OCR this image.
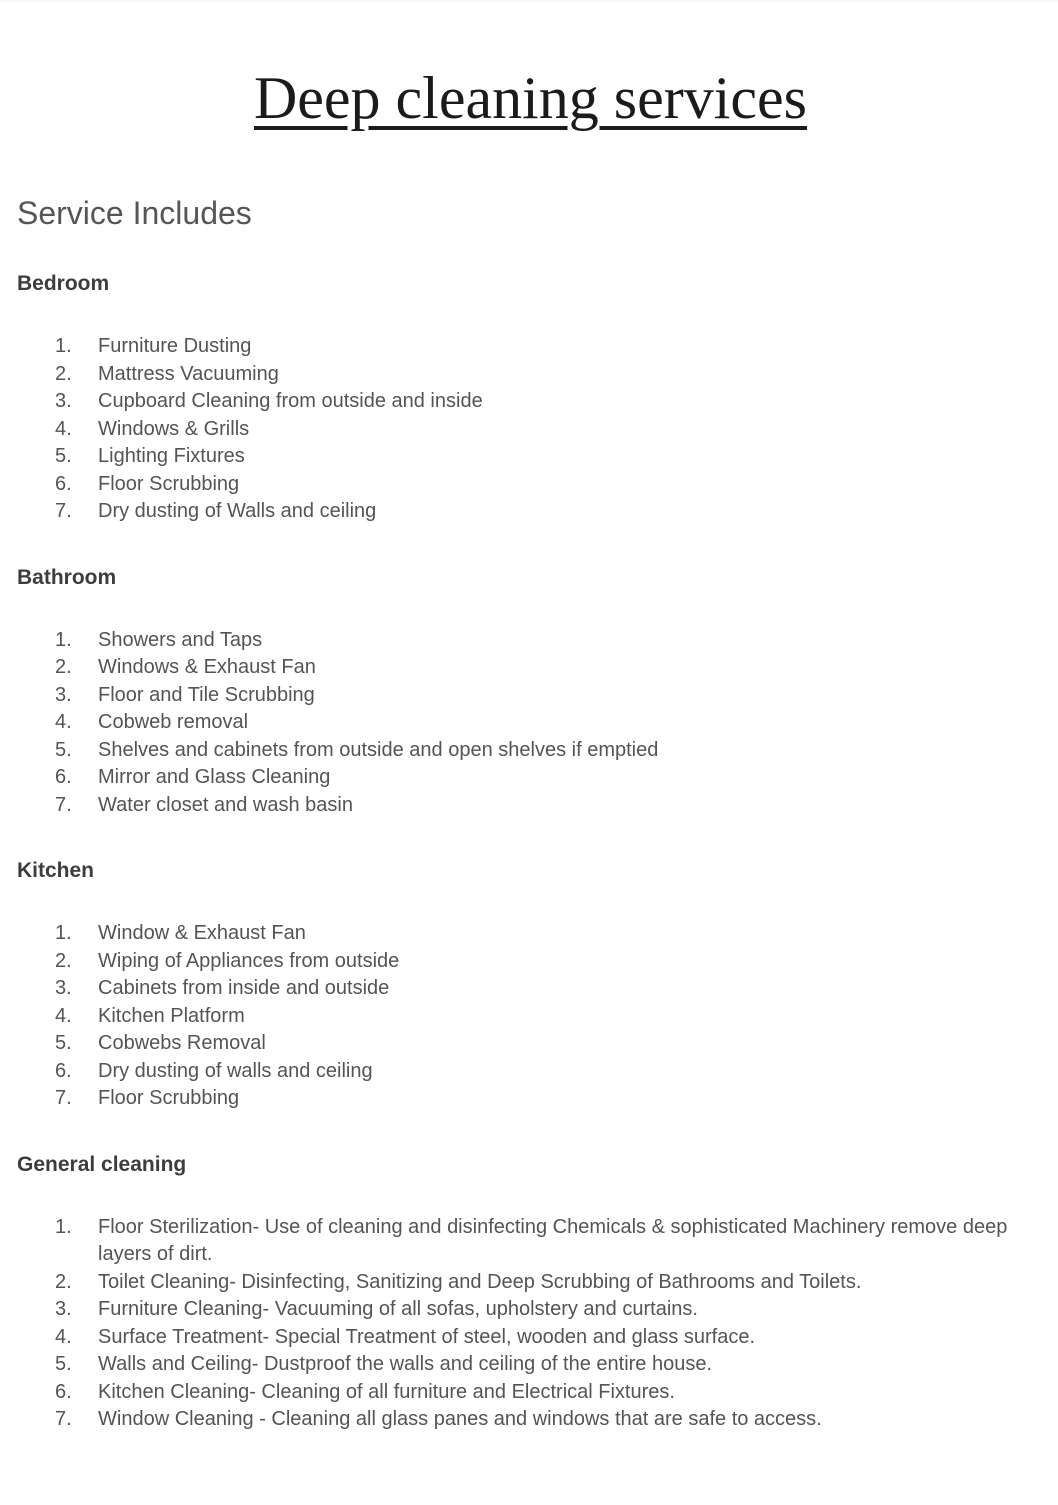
Deep cleaning services
Service Includes
Bedroom
Furniture Dusting
Mattress Vacuuming
Cupboard Cleaning from outside and inside
Windows & Grills
Lighting Fixtures
Floor Scrubbing
Dry dusting of Walls and ceiling
Bathroom
Showers and Taps
Windows & Exhaust Fan
Floor and Tile Scrubbing
Cobweb removal
Shelves and cabinets from outside and open shelves if emptied
Mirror and Glass Cleaning
Water closet and wash basin
Kitchen
Window & Exhaust Fan
Wiping of Appliances from outside
Cabinets from inside and outside
Kitchen Platform
Cobwebs Removal
Dry dusting of walls and ceiling
Floor Scrubbing
General cleaning
Floor Sterilization- Use of cleaning and disinfecting Chemicals & sophisticated Machinery remove deep layers of dirt.
Toilet Cleaning- Disinfecting, Sanitizing and Deep Scrubbing of Bathrooms and Toilets.
Furniture Cleaning- Vacuuming of all sofas, upholstery and curtains.
Surface Treatment- Special Treatment of steel, wooden and glass surface.
Walls and Ceiling- Dustproof the walls and ceiling of the entire house.
Kitchen Cleaning- Cleaning of all furniture and Electrical Fixtures.
Window Cleaning - Cleaning all glass panes and windows that are safe to access.
